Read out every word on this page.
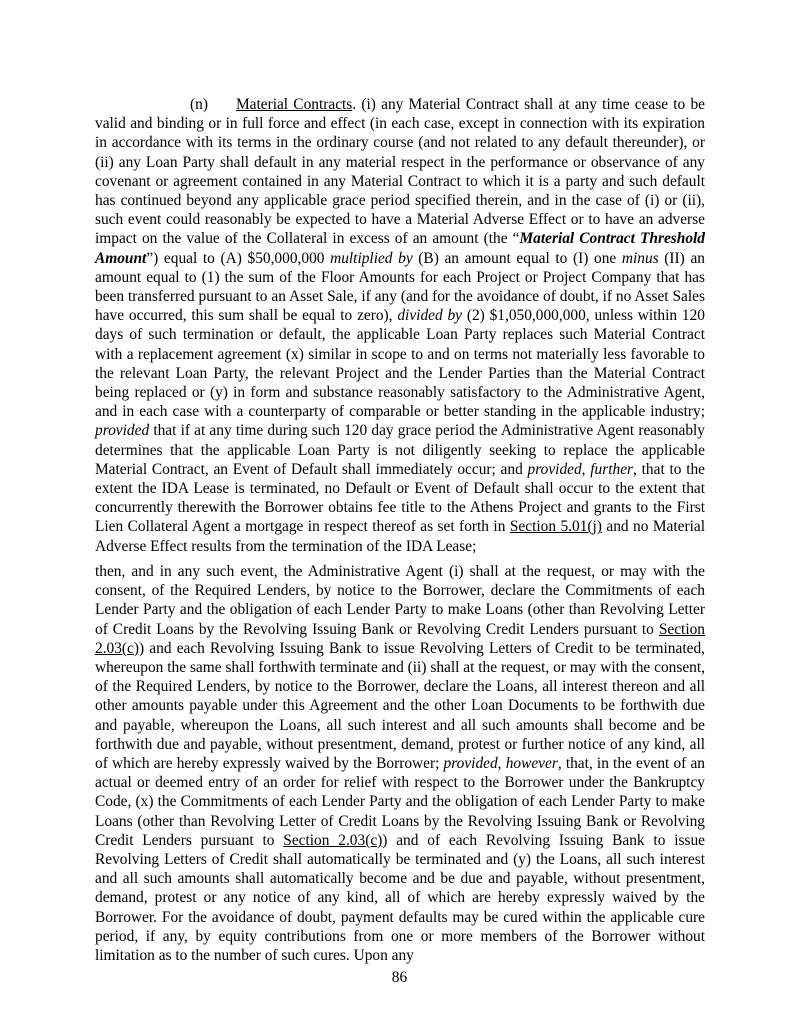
(n) Material Contracts. (i) any Material Contract shall at any time cease to be valid and binding or in full force and effect (in each case, except in connection with its expiration in accordance with its terms in the ordinary course (and not related to any default thereunder), or (ii) any Loan Party shall default in any material respect in the performance or observance of any covenant or agreement contained in any Material Contract to which it is a party and such default has continued beyond any applicable grace period specified therein, and in the case of (i) or (ii), such event could reasonably be expected to have a Material Adverse Effect or to have an adverse impact on the value of the Collateral in excess of an amount (the “Material Contract Threshold Amount”) equal to (A) $50,000,000 multiplied by (B) an amount equal to (I) one minus (II) an amount equal to (1) the sum of the Floor Amounts for each Project or Project Company that has been transferred pursuant to an Asset Sale, if any (and for the avoidance of doubt, if no Asset Sales have occurred, this sum shall be equal to zero), divided by (2) $1,050,000,000, unless within 120 days of such termination or default, the applicable Loan Party replaces such Material Contract with a replacement agreement (x) similar in scope to and on terms not materially less favorable to the relevant Loan Party, the relevant Project and the Lender Parties than the Material Contract being replaced or (y) in form and substance reasonably satisfactory to the Administrative Agent, and in each case with a counterparty of comparable or better standing in the applicable industry; provided that if at any time during such 120 day grace period the Administrative Agent reasonably determines that the applicable Loan Party is not diligently seeking to replace the applicable Material Contract, an Event of Default shall immediately occur; and provided, further, that to the extent the IDA Lease is terminated, no Default or Event of Default shall occur to the extent that concurrently therewith the Borrower obtains fee title to the Athens Project and grants to the First Lien Collateral Agent a mortgage in respect thereof as set forth in Section 5.01(j) and no Material Adverse Effect results from the termination of the IDA Lease;

then, and in any such event, the Administrative Agent (i) shall at the request, or may with the consent, of the Required Lenders, by notice to the Borrower, declare the Commitments of each Lender Party and the obligation of each Lender Party to make Loans (other than Revolving Letter of Credit Loans by the Revolving Issuing Bank or Revolving Credit Lenders pursuant to Section 2.03(c)) and each Revolving Issuing Bank to issue Revolving Letters of Credit to be terminated, whereupon the same shall forthwith terminate and (ii) shall at the request, or may with the consent, of the Required Lenders, by notice to the Borrower, declare the Loans, all interest thereon and all other amounts payable under this Agreement and the other Loan Documents to be forthwith due and payable, whereupon the Loans, all such interest and all such amounts shall become and be forthwith due and payable, without presentment, demand, protest or further notice of any kind, all of which are hereby expressly waived by the Borrower; provided, however, that, in the event of an actual or deemed entry of an order for relief with respect to the Borrower under the Bankruptcy Code, (x) the Commitments of each Lender Party and the obligation of each Lender Party to make Loans (other than Revolving Letter of Credit Loans by the Revolving Issuing Bank or Revolving Credit Lenders pursuant to Section 2.03(c)) and of each Revolving Issuing Bank to issue Revolving Letters of Credit shall automatically be terminated and (y) the Loans, all such interest and all such amounts shall automatically become and be due and payable, without presentment, demand, protest or any notice of any kind, all of which are hereby expressly waived by the Borrower. For the avoidance of doubt, payment defaults may be cured within the applicable cure period, if any, by equity contributions from one or more members of the Borrower without limitation as to the number of such cures. Upon any

86
